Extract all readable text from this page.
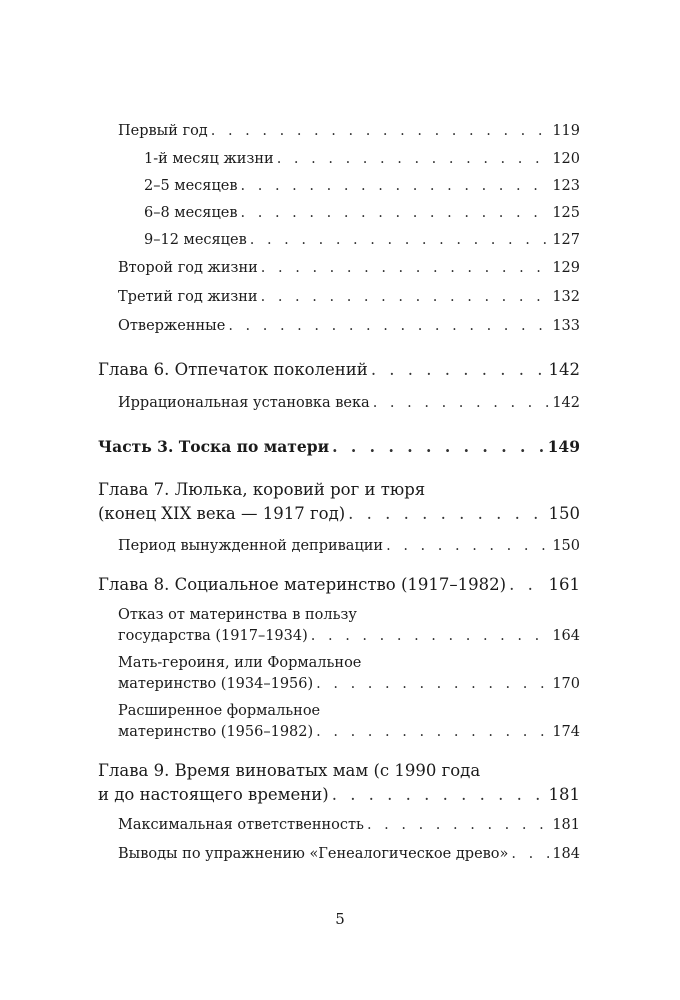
Первый год . . .	119
1-й месяц жизни . . .	120
2–5 месяцев . . .	123
6–8 месяцев . . .	125
9–12 месяцев . . .	127
Второй год жизни . . .	129
Третий год жизни . . .	132
Отверженные . . .	133
Глава 6. Отпечаток поколений . . .	142
Иррациональная установка века . . .	142
Часть 3. Тоска по матери . . .	149
Глава 7. Люлька, коровий рог и тюря
(конец XIX века — 1917 год) . . .	150
Период вынужденной депривации . . .	150
Глава 8. Социальное материнство (1917–1982) . . .	161
Отказ от материнства в пользу
государства (1917–1934) . . .	164
Мать-героиня, или Формальное
материнство (1934–1956) . . .	170
Расширенное формальное
материнство (1956–1982) . . .	174
Глава 9. Время виноватых мам (с 1990 года
и до настоящего времени) . . .	181
Максимальная ответственность . . .	181
Выводы по упражнению «Генеалогическое древо» . . .	184
5
